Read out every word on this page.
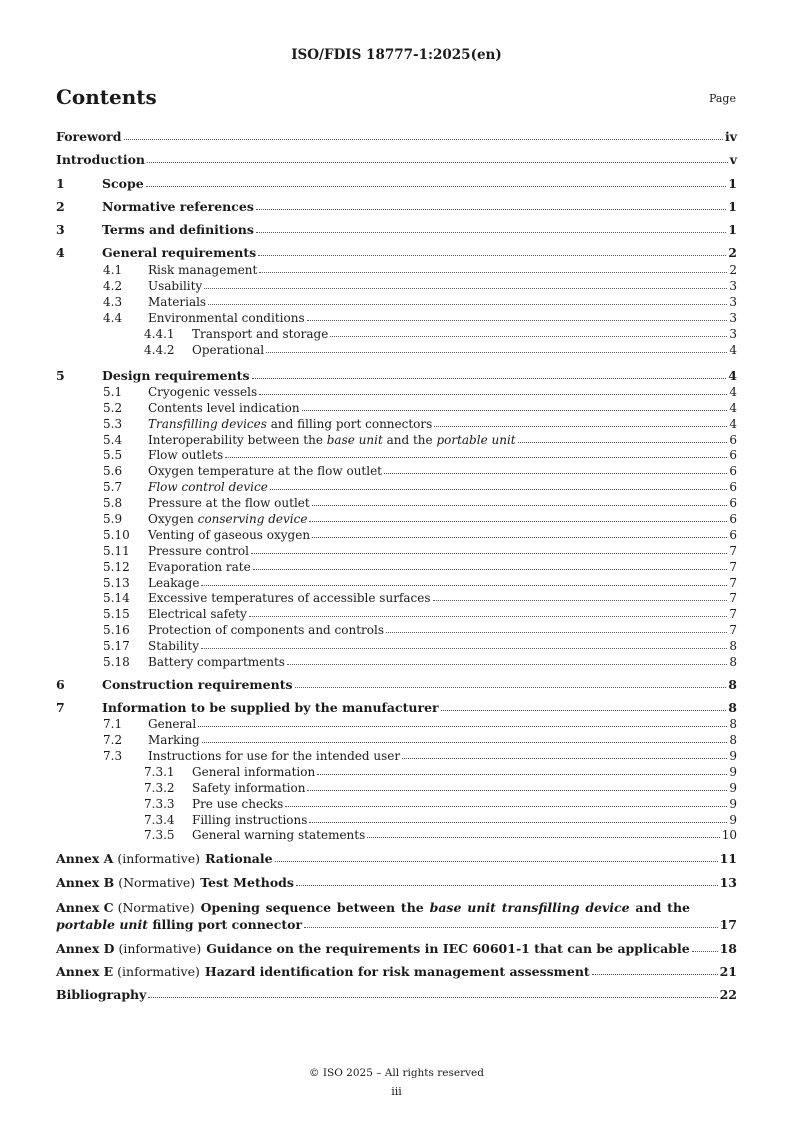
ISO/FDIS 18777-1:2025(en)
Contents	Page
Foreword	iv
Introduction	v
1	Scope	1
2	Normative references	1
3	Terms and definitions	1
4	General requirements	2
4.1	Risk management	2
4.2	Usability	3
4.3	Materials	3
4.4	Environmental conditions	3
4.4.1	Transport and storage	3
4.4.2	Operational	4
5	Design requirements	4
5.1	Cryogenic vessels	4
5.2	Contents level indication	4
5.3	Transfilling devices and filling port connectors	4
5.4	Interoperability between the base unit and the portable unit	6
5.5	Flow outlets	6
5.6	Oxygen temperature at the flow outlet	6
5.7	Flow control device	6
5.8	Pressure at the flow outlet	6
5.9	Oxygen conserving device	6
5.10	Venting of gaseous oxygen	6
5.11	Pressure control	7
5.12	Evaporation rate	7
5.13	Leakage	7
5.14	Excessive temperatures of accessible surfaces	7
5.15	Electrical safety	7
5.16	Protection of components and controls	7
5.17	Stability	8
5.18	Battery compartments	8
6	Construction requirements	8
7	Information to be supplied by the manufacturer	8
7.1	General	8
7.2	Marking	8
7.3	Instructions for use for the intended user	9
7.3.1	General information	9
7.3.2	Safety information	9
7.3.3	Pre use checks	9
7.3.4	Filling instructions	9
7.3.5	General warning statements	10
Annex A (informative) Rationale	11
Annex B (Normative) Test Methods	13
Annex C (Normative) Opening sequence between the base unit transfilling device and the
portable unit filling port connector	17
Annex D (informative) Guidance on the requirements in IEC 60601-1 that can be applicable 18
Annex E (informative) Hazard identification for risk management assessment	21
Bibliography	22
© ISO 2025 – All rights reserved
iii
